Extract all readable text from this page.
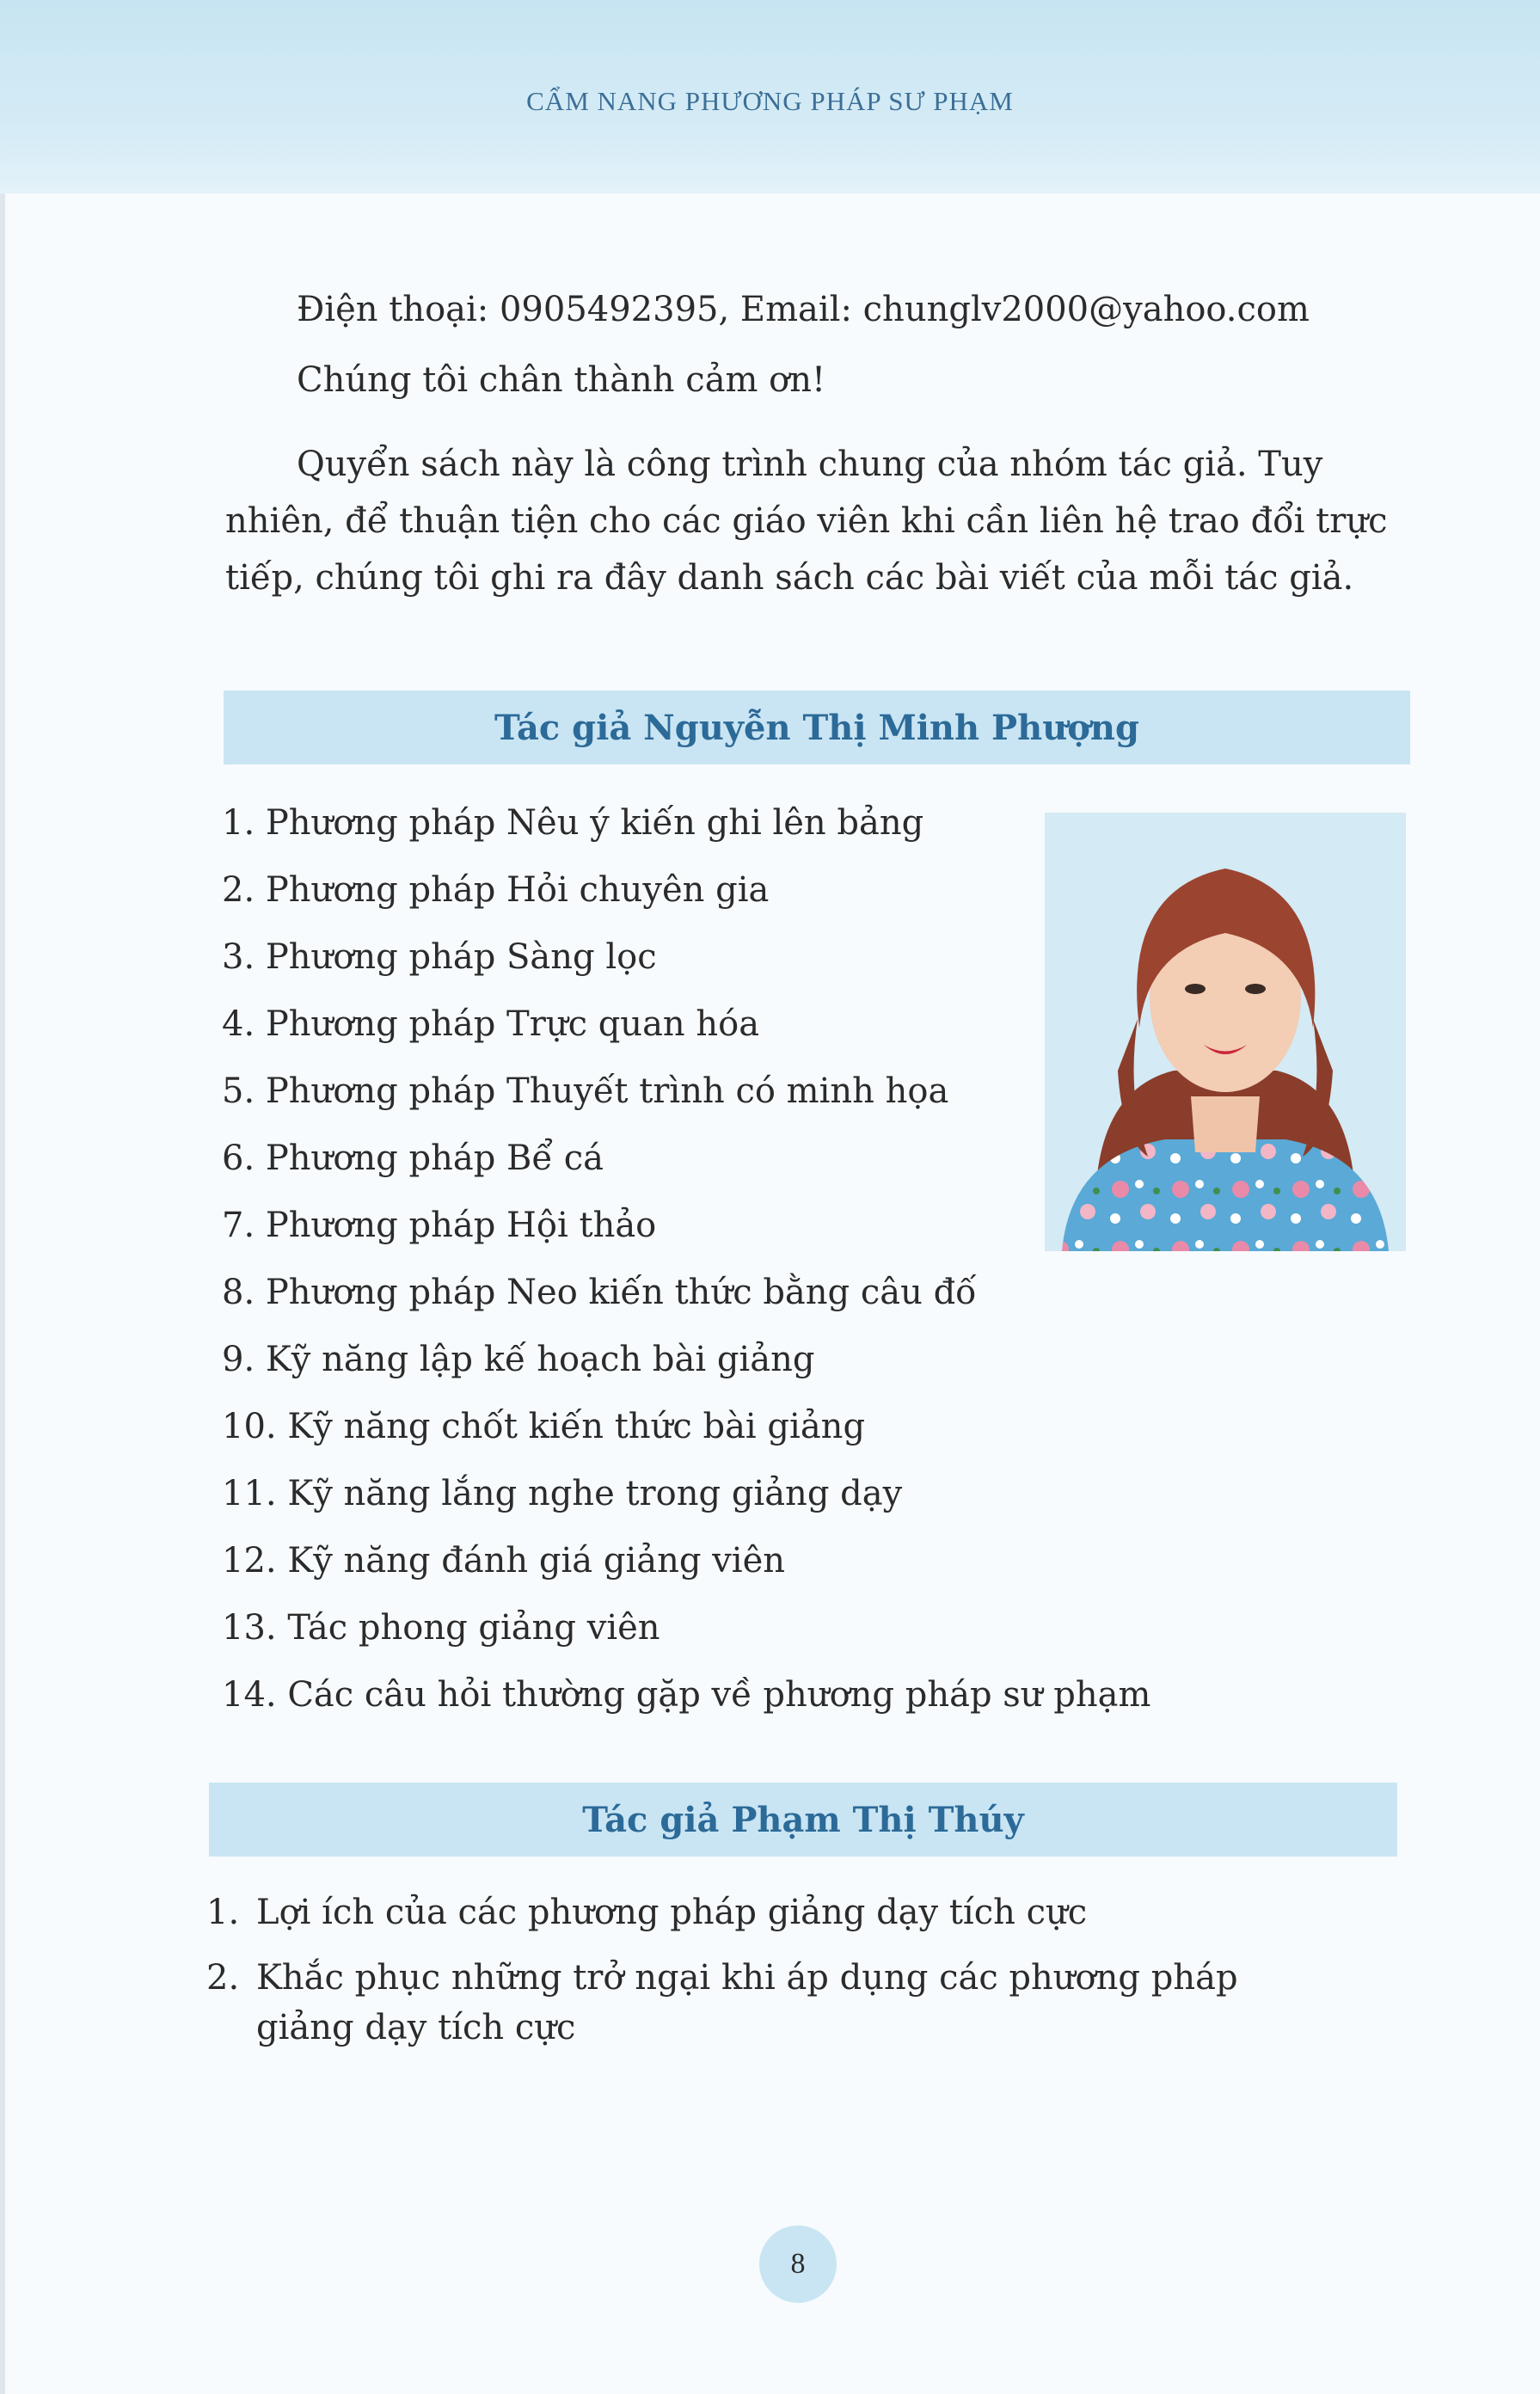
CẨM NANG PHƯƠNG PHÁP SƯ PHẠM

Điện thoại: 0905492395, Email: chunglv2000@yahoo.com

Chúng tôi chân thành cảm ơn!

Quyển sách này là công trình chung của nhóm tác giả. Tuy

nhiên, để thuận tiện cho các giáo viên khi cần liên hệ trao đổi trực

tiếp, chúng tôi ghi ra đây danh sách các bài viết của mỗi tác giả.

Tác giả Nguyễn Thị Minh Phượng
1. Phương pháp Nêu ý kiến ghi lên bảng
2. Phương pháp Hỏi chuyên gia
3. Phương pháp Sàng lọc
4. Phương pháp Trực quan hóa
5. Phương pháp Thuyết trình có minh họa
6. Phương pháp Bể cá
7. Phương pháp Hội thảo
8. Phương pháp Neo kiến thức bằng câu đố
9. Kỹ năng lập kế hoạch bài giảng
10. Kỹ năng chốt kiến thức bài giảng
11. Kỹ năng lắng nghe trong giảng dạy
12. Kỹ năng đánh giá giảng viên
13. Tác phong giảng viên
14. Các câu hỏi thường gặp về phương pháp sư phạm
Tác giả Phạm Thị Thúy
1. Lợi ích của các phương pháp giảng dạy tích cực
2. Khắc phục những trở ngại khi áp dụng các phương pháp
giảng dạy tích cực
8
